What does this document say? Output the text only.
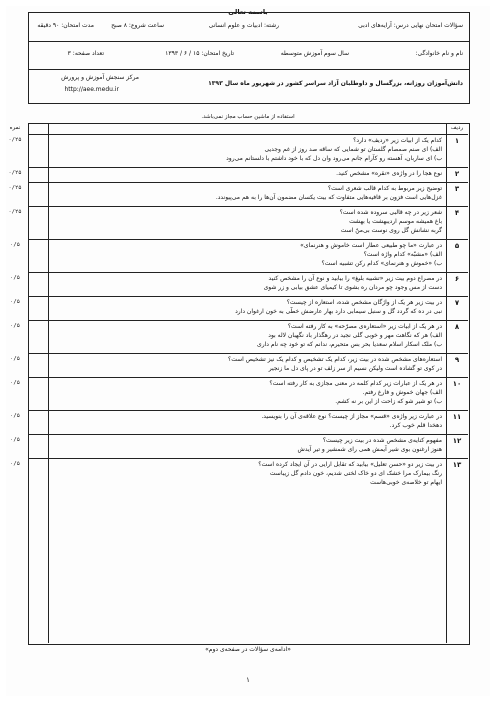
باسمه تعالی
سؤالات امتحان نهایی درس: آرایه‌های ادبی
رشته: ادبیات و علوم انسانی
ساعت شروع: ۸ صبح
مدت امتحان: ۹۰ دقیقه
نام و نام خانوادگی:
سال سوم آموزش متوسطه
تاریخ امتحان: ۱۵ / ۶ / ۱۳۹۳
تعداد صفحه: ۳
دانش‌آموزان روزانه، بزرگسال و داوطلبان آزاد سراسر کشور در شهریور ماه سال ۱۳۹۳
مرکز سنجش آموزش و پرورش
http://aee.medu.ir
استفاده از ماشین حساب مجاز نمی‌باشد.
ردیف
نمره
۱
۰/۲۵	کدام یک از ابیات زیر «ردیف» دارد؟
الف) ای صنم صمصام گلستان تو شمایی که ساقه صد روز از غم وجدیی
ب) ای ساربان، آهسته رو کآرام جانم می‌رود وان دل که با خود داشتم با دلستانم می‌رود
۲
۰/۲۵	نوع هجا را در واژه‌ی «نقره» مشخص کنید.
۳
۰/۲۵	توضیح زیر مربوط به کدام قالب شعری است؟
غزل‌هایی است فزون بر قافیه‌هایی متفاوت که بیت یکسان مضمون آن‌ها را به هم می‌پیوندد.
۴
۰/۲۵	شعر زیر در چه قالبی سروده شده است؟
باغ همیشه موسم اردیبهشت یا بهشت
گربه نشانش گل روی نوست بی‌منّ است
۵
۰/۵	در عبارت «ما چو طبیعی عطار است خاموش و هنرنمای»
الف) «مشبّه» کدام واژه است؟
ب) «خموش و هنرنمای» کدام رکن تشبیه است؟
۶
۰/۵	در مصراع دوم بیت زیر «تشبیه بلیغ» را بیابید و نوع آن را مشخص کنید
دست از مس وجود چو مردان ره بشوی تا کیمیای عشق بیابی و زر شوی
۷
۰/۵	در بیت زیر هر یک از واژگان مشخص شده، استعاره از چیست؟
نبی در ده که گردد گل و سنبل سیمابی دارد بهار عارضش خطّی به خون ارغوان دارد
۸
۰/۵	در هر یک از ابیات زیر «استعاره‌ی مصرّحه» به کار رفته است؟
الف) هر که نگاهت مهر و خوبی گلی نجید در رهگذار باد نگهبان لاله بود
ب) ملک اسکار اسلام سعدیا بحر بس متحیرم، ندانم که تو خود چه نام داری
۹
۰/۵	استعاره‌های مشخص شده در بیت زیر، کدام یک تشخیص و کدام یک نیز تشخیص است؟
در کوی تو گشاده است ولیکن نسیم از سر زلف تو در پای دل ما زنجیر
۱۰
۰/۵	در هر یک از عبارات زیر کدام کلمه در معنی مجازی به کار رفته است؟
الف) جهان خموش و فارغ رفتم.
ب) تو شیر شو که زاحت از این بر نه کشم.
۱۱
۰/۵	در عبارت زیر واژه‌ی «قسم» مجاز از چیست؟ نوع علاقه‌ی آن را بنویسید.
دهخدا قلم خوب کرد.
۱۲
۰/۵	مفهوم کنایه‌ی مشخص شده در بیت زیر چیست؟
هنوز ارغنون بوی شیر آیمش همی رای شمشیر و تیر آیدش
۱۳
۰/۵	در بیت زیر دو «حسن تعلیل» بیابید که تقابل ارایی در آن ایجاد کرده است؟
رنگ بیمارک مرا خشک ای دو خاک لختی شدیم، خون دادم گل زیباست
ایهام تو خلاصه‌ی خوبی‌هاست
«ادامه‌ی سؤالات در صفحه‌ی دوم»
۱
